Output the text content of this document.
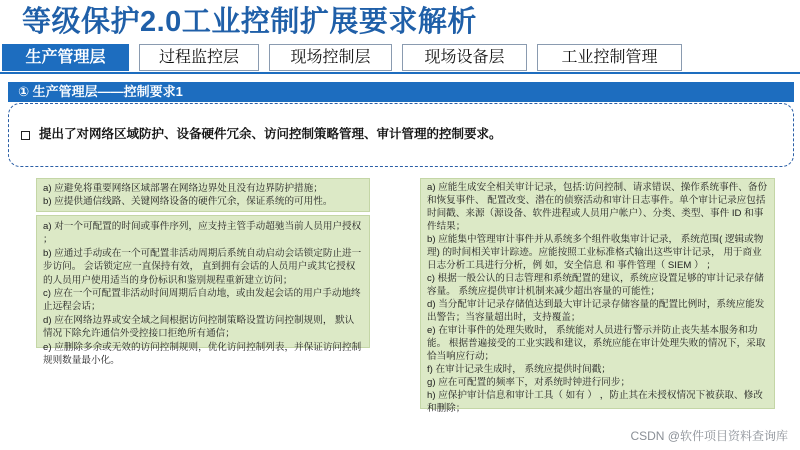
等级保护2.0工业控制扩展要求解析
生产管理层	过程监控层	现场控制层	现场设备层	工业控制管理
① 生产管理层——控制要求1
提出了对网络区域防护、设备硬件冗余、访问控制策略管理、审计管理的控制要求。

a) 应避免将重要网络区域部署在网络边界处且没有边界防护措施；

b) 应提供通信线路、关键网络设备的硬件冗余，保证系统的可用性。

a) 对一个可配置的时间或事件序列，应支持主管手动超驰当前人员用户授权 ；

b) 应通过手动或在一个可配置非活动周期后系统自动启动会话锁定防止进一步访问。 会话锁定应一直保持有效， 直到拥有会话的人员用户或其它授权的人员用户使用适当的身份标识和鉴别规程重新建立访问；

c) 应在一个可配置非活动时间周期后自动地，或由发起会话的用户手动地终止远程会话；

d) 应在网络边界或安全域之间根据访问控制策略设置访问控制规则， 默认情况下除允许通信外受控接口拒绝所有通信；

e) 应删除多余或无效的访问控制规则，优化访问控制列表，并保证访问控制规则数量最小化。

a) 应能生成安全相关审计记录，包括:访问控制、请求错误、操作系统事件、备份和恢复事件、 配置改变、潜在的侦察活动和审计日志事件。单个审计记录应包括时间戳、来源（源设备、软件进程或人员用户帐户）、分类、类型、事件 ID 和事件结果；

b) 应能集中管理审计事件并从系统多个组件收集审计记录， 系统范围( 逻辑或物理) 的时间相关审计踪迹。应能按照工业标准格式输出这些审计记录， 用于商业日志分析工具进行分析，例 如，安全信息 和 事件管理（ SIEM ） ；

c) 根据一般公认的日志管理和系统配置的建议，系统应设置足够的审计记录存储容量。 系统应提供审计机制来减少超出容量的可能性；

d) 当分配审计记录存储值达到最大审计记录存储容量的配置比例时，系统应能发出警告；当容量超出时，支持覆盖；

e) 在审计事件的处理失败时， 系统能对人员进行警示并防止丧失基本服务和功能。 根据普遍接受的工业实践和建议，系统应能在审计处理失败的情况下，采取恰当响应行动；

f) 在审计记录生成时， 系统应提供时间戳；

g) 应在可配置的频率下，对系统时钟进行同步；

h) 应保护审计信息和审计工具（ 如有 ） ，防止其在未授权情况下被获取、修改和删除；

CSDN @软件项目资料查询库
